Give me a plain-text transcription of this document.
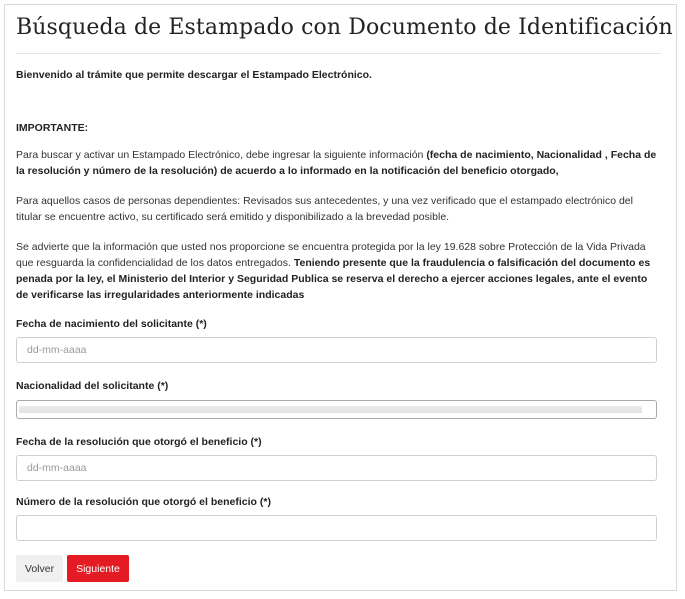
Búsqueda de Estampado con Documento de Identificación
Bienvenido al trámite que permite descargar el Estampado Electrónico.
IMPORTANTE:
Para buscar y activar un Estampado Electrónico, debe ingresar la siguiente información (fecha de nacimiento, Nacionalidad , Fecha de la resolución y número de la resolución) de acuerdo a lo informado en la notificación del beneficio otorgado,
Para aquellos casos de personas dependientes: Revisados sus antecedentes, y una vez verificado que el estampado electrónico del titular se encuentre activo, su certificado será emitido y disponibilizado a la brevedad posible.
Se advierte que la información que usted nos proporcione se encuentra protegida por la ley 19.628 sobre Protección de la Vida Privada que resguarda la confidencialidad de los datos entregados. Teniendo presente que la fraudulencia o falsificación del documento es penada por la ley, el Ministerio del Interior y Seguridad Publica se reserva el derecho a ejercer acciones legales, ante el evento de verificarse las irregularidades anteriormente indicadas
Fecha de nacimiento del solicitante (*)
dd-mm-aaaa
Nacionalidad del solicitante (*)
Fecha de la resolución que otorgó el beneficio (*)
dd-mm-aaaa
Número de la resolución que otorgó el beneficio (*)
Volver	Siguiente
